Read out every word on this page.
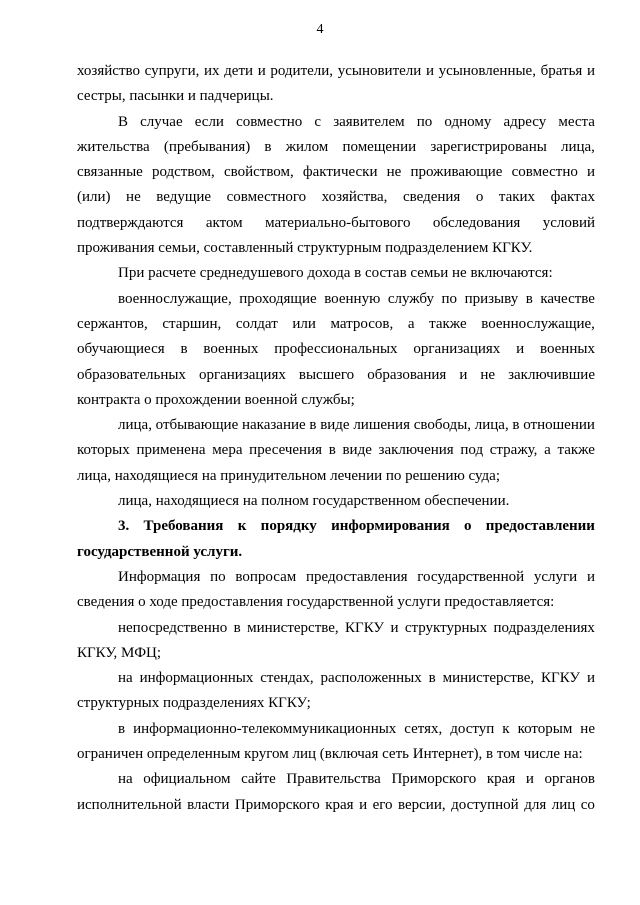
4
хозяйство супруги, их дети и родители, усыновители и усыновленные, братья и
сестры, пасынки и падчерицы.
В случае если совместно с заявителем по одному адресу места
жительства (пребывания) в жилом помещении зарегистрированы лица,
связанные родством, свойством, фактически не проживающие совместно и
(или) не ведущие совместного хозяйства, сведения о таких фактах
подтверждаются актом материально-бытового обследования условий
проживания семьи, составленный структурным подразделением КГКУ.
При расчете среднедушевого дохода в состав семьи не включаются:
военнослужащие, проходящие военную службу по призыву в качестве
сержантов, старшин, солдат или матросов, а также военнослужащие,
обучающиеся в военных профессиональных организациях и военных
образовательных организациях высшего образования и не заключившие
контракта о прохождении военной службы;
лица, отбывающие наказание в виде лишения свободы, лица, в отношении
которых применена мера пресечения в виде заключения под стражу, а также
лица, находящиеся на принудительном лечении по решению суда;
лица, находящиеся на полном государственном обеспечении.
3. Требования к порядку информирования о предоставлении
государственной услуги.
Информация по вопросам предоставления государственной услуги и
сведения о ходе предоставления государственной услуги предоставляется:
непосредственно в министерстве, КГКУ и структурных подразделениях
КГКУ, МФЦ;
на информационных стендах, расположенных в министерстве, КГКУ и
структурных подразделениях КГКУ;
в информационно-телекоммуникационных сетях, доступ к которым не
ограничен определенным кругом лиц (включая сеть Интернет), в том числе на:
на официальном сайте Правительства Приморского края и органов
исполнительной власти Приморского края и его версии, доступной для лиц со
